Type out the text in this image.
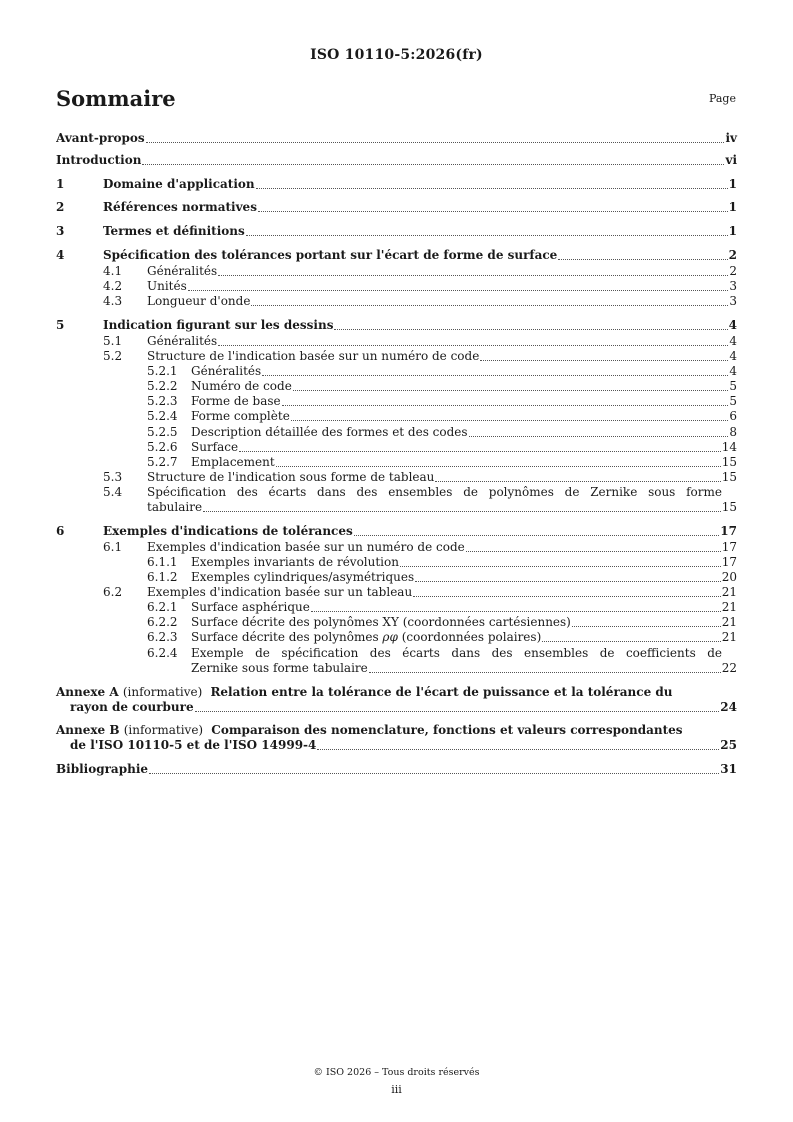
ISO 10110-5:2026(fr)
Sommaire	Page
Avant-propos	iv
Introduction	vi
1	Domaine d'application	1
2	Références normatives	1
3	Termes et définitions	1
4	Spécification des tolérances portant sur l'écart de forme de surface	2
4.1	Généralités	2
4.2	Unités	3
4.3	Longueur d'onde	3
5	Indication figurant sur les dessins	4
5.1	Généralités	4
5.2	Structure de l'indication basée sur un numéro de code	4
5.2.1	Généralités	4
5.2.2	Numéro de code	5
5.2.3	Forme de base	5
5.2.4	Forme complète	6
5.2.5	Description détaillée des formes et des codes	8
5.2.6	Surface	14
5.2.7	Emplacement	15
5.3	Structure de l'indication sous forme de tableau	15
5.4 Spécification des écarts dans des ensembles de polynômes de Zernike sous forme
tabulaire	15
6	Exemples d'indications de tolérances	17
6.1	Exemples d'indication basée sur un numéro de code	17
6.1.1	Exemples invariants de révolution	17
6.1.2	Exemples cylindriques/asymétriques	20
6.2	Exemples d'indication basée sur un tableau	21
6.2.1	Surface asphérique	21
6.2.2	Surface décrite des polynômes XY (coordonnées cartésiennes)	21
6.2.3	Surface décrite des polynômes ρφ (coordonnées polaires)	21
6.2.4 Exemple de spécification des écarts dans des ensembles de coefficients de
Zernike sous forme tabulaire	22
Annexe A (informative) Relation entre la tolérance de l'écart de puissance et la tolérance du
rayon de courbure	24
Annexe B (informative) Comparaison des nomenclature, fonctions et valeurs correspondantes
de l'ISO 10110-5 et de l'ISO 14999-4	25
Bibliographie	31
© ISO 2026 – Tous droits réservés
iii
